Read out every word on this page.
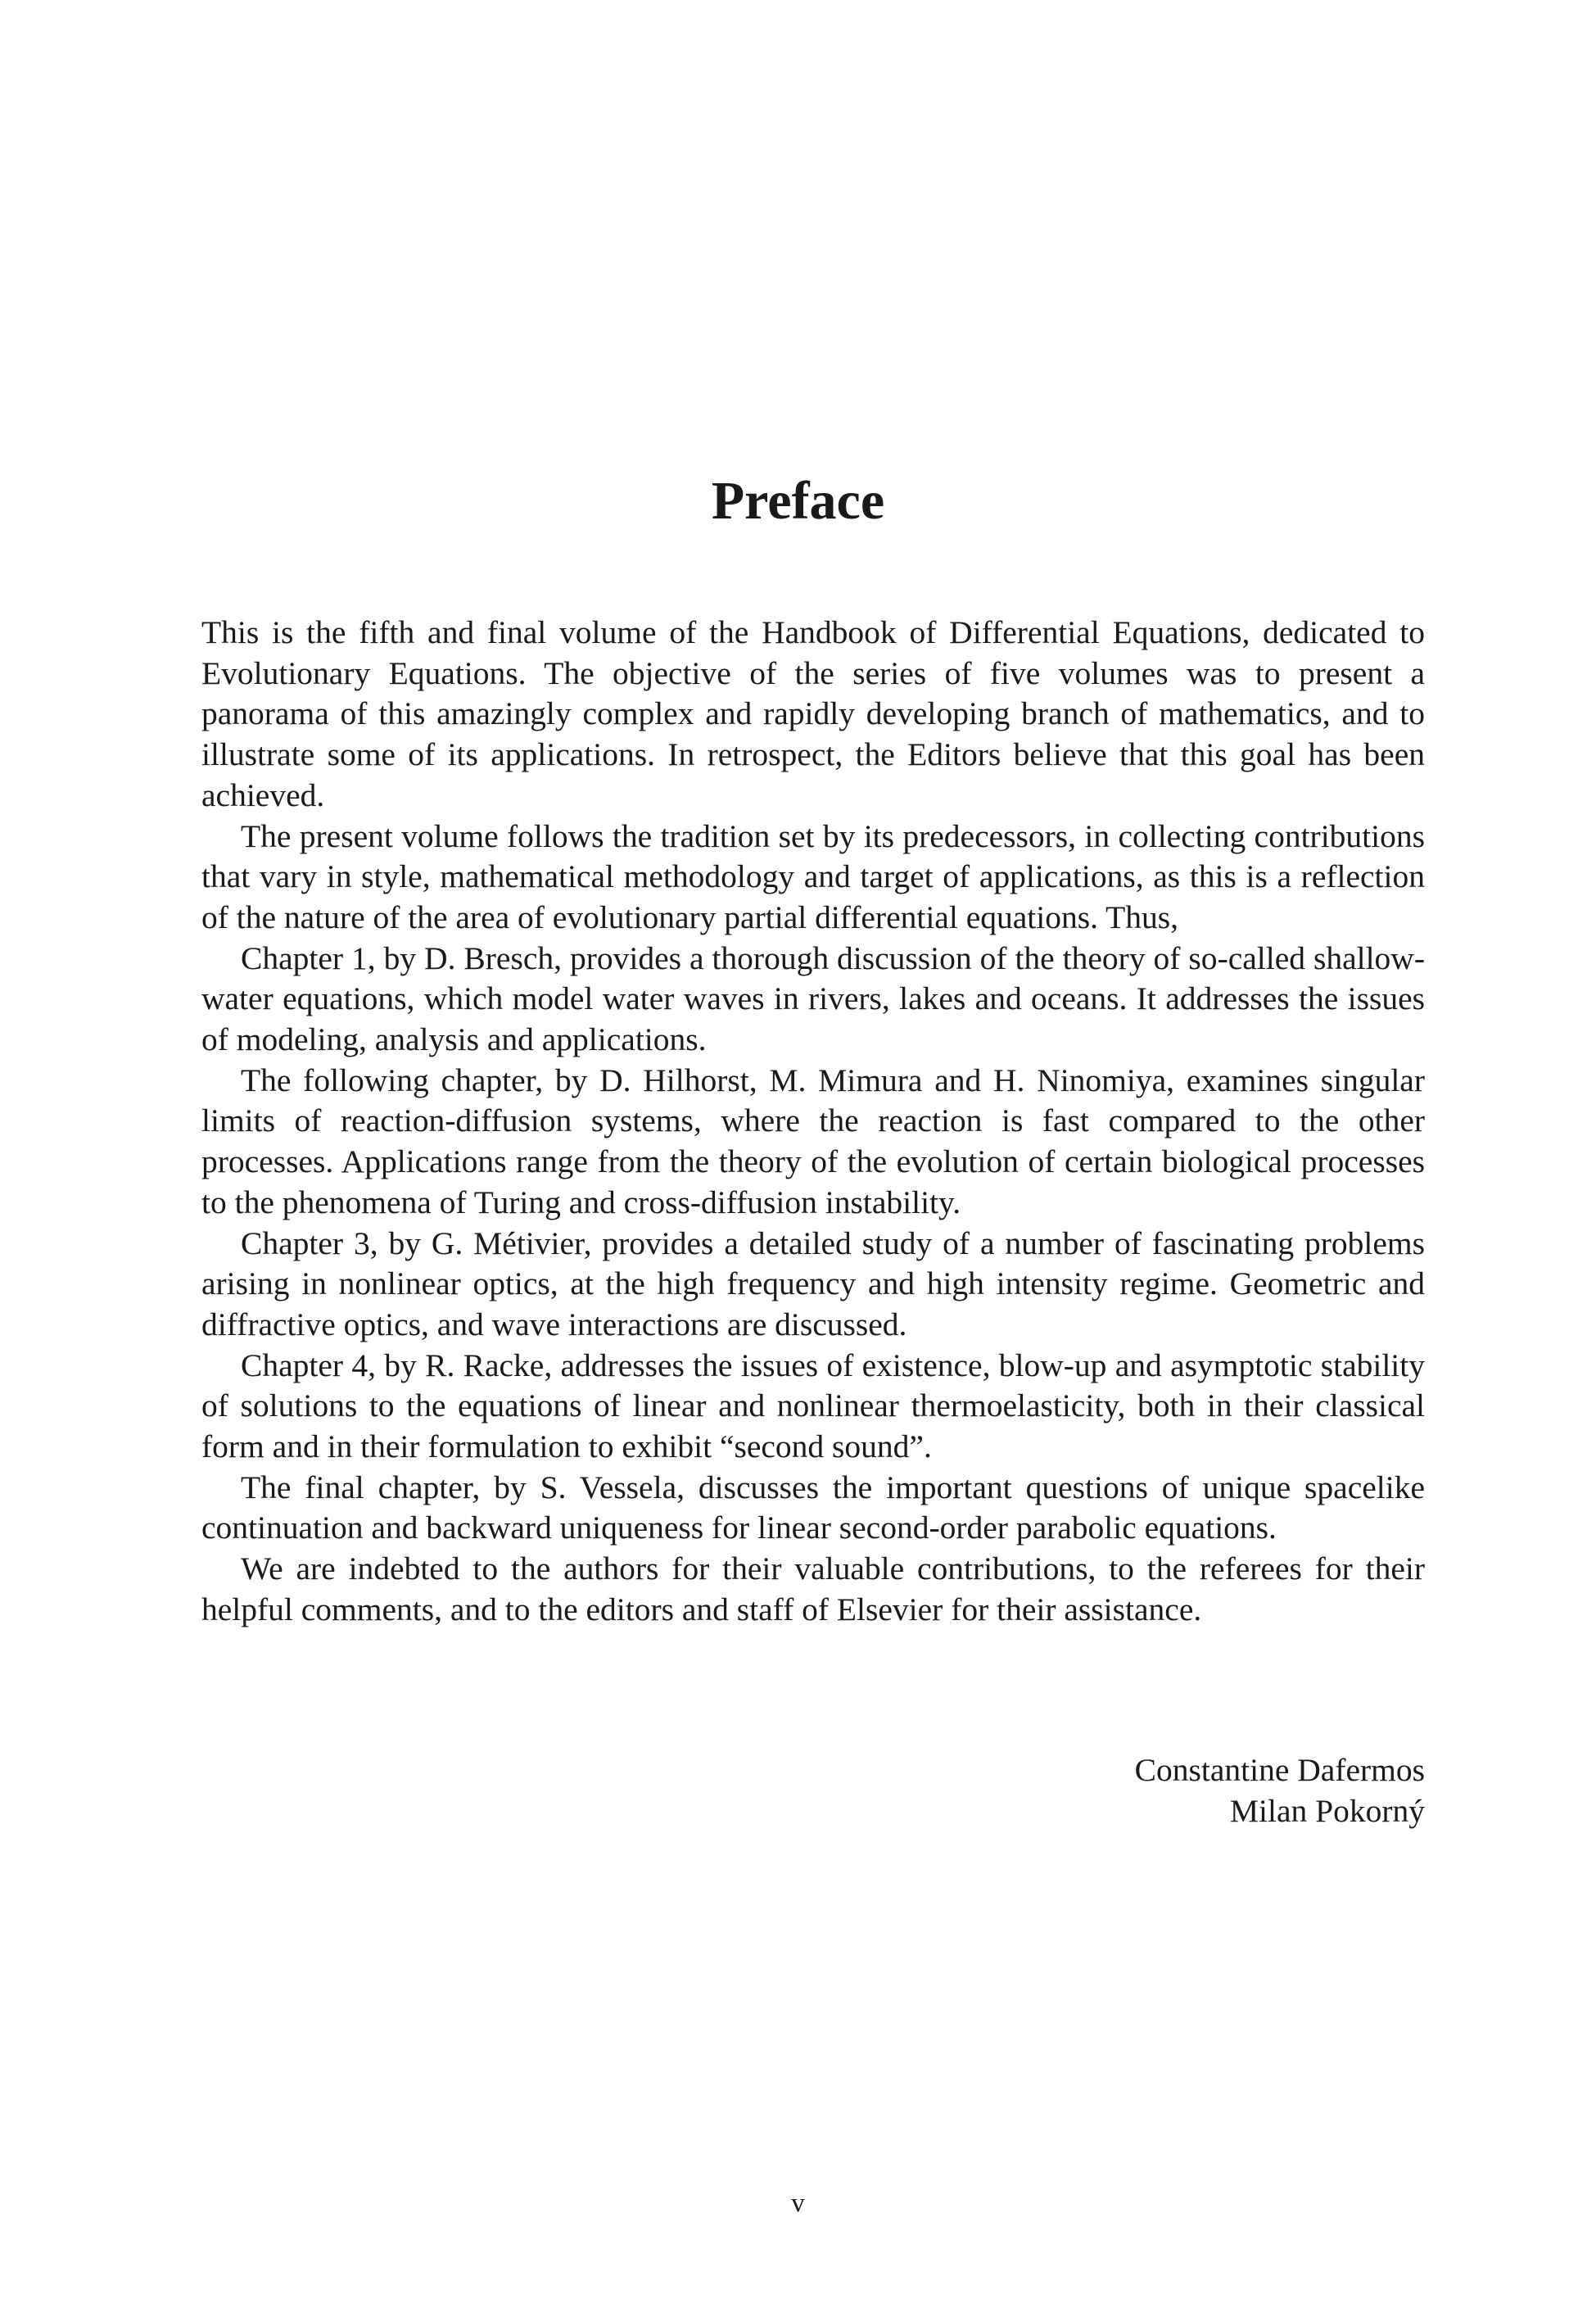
Preface

This is the fifth and final volume of the Handbook of Differential Equations, dedicated to Evolutionary Equations. The objective of the series of five volumes was to present a panorama of this amazingly complex and rapidly developing branch of mathematics, and to illustrate some of its applications. In retrospect, the Editors believe that this goal has been achieved.

The present volume follows the tradition set by its predecessors, in collecting contributions that vary in style, mathematical methodology and target of applications, as this is a reflection of the nature of the area of evolutionary partial differential equations. Thus,

Chapter 1, by D. Bresch, provides a thorough discussion of the theory of so-called shallow-water equations, which model water waves in rivers, lakes and oceans. It addresses the issues of modeling, analysis and applications.

The following chapter, by D. Hilhorst, M. Mimura and H. Ninomiya, examines singular limits of reaction-diffusion systems, where the reaction is fast compared to the other processes. Applications range from the theory of the evolution of certain biological processes to the phenomena of Turing and cross-diffusion instability.

Chapter 3, by G. Métivier, provides a detailed study of a number of fascinating problems arising in nonlinear optics, at the high frequency and high intensity regime. Geometric and diffractive optics, and wave interactions are discussed.

Chapter 4, by R. Racke, addresses the issues of existence, blow-up and asymptotic stability of solutions to the equations of linear and nonlinear thermoelasticity, both in their classical form and in their formulation to exhibit “second sound”.

The final chapter, by S. Vessela, discusses the important questions of unique spacelike continuation and backward uniqueness for linear second-order parabolic equations.

We are indebted to the authors for their valuable contributions, to the referees for their helpful comments, and to the editors and staff of Elsevier for their assistance.

Constantine Dafermos
Milan Pokorný
v
